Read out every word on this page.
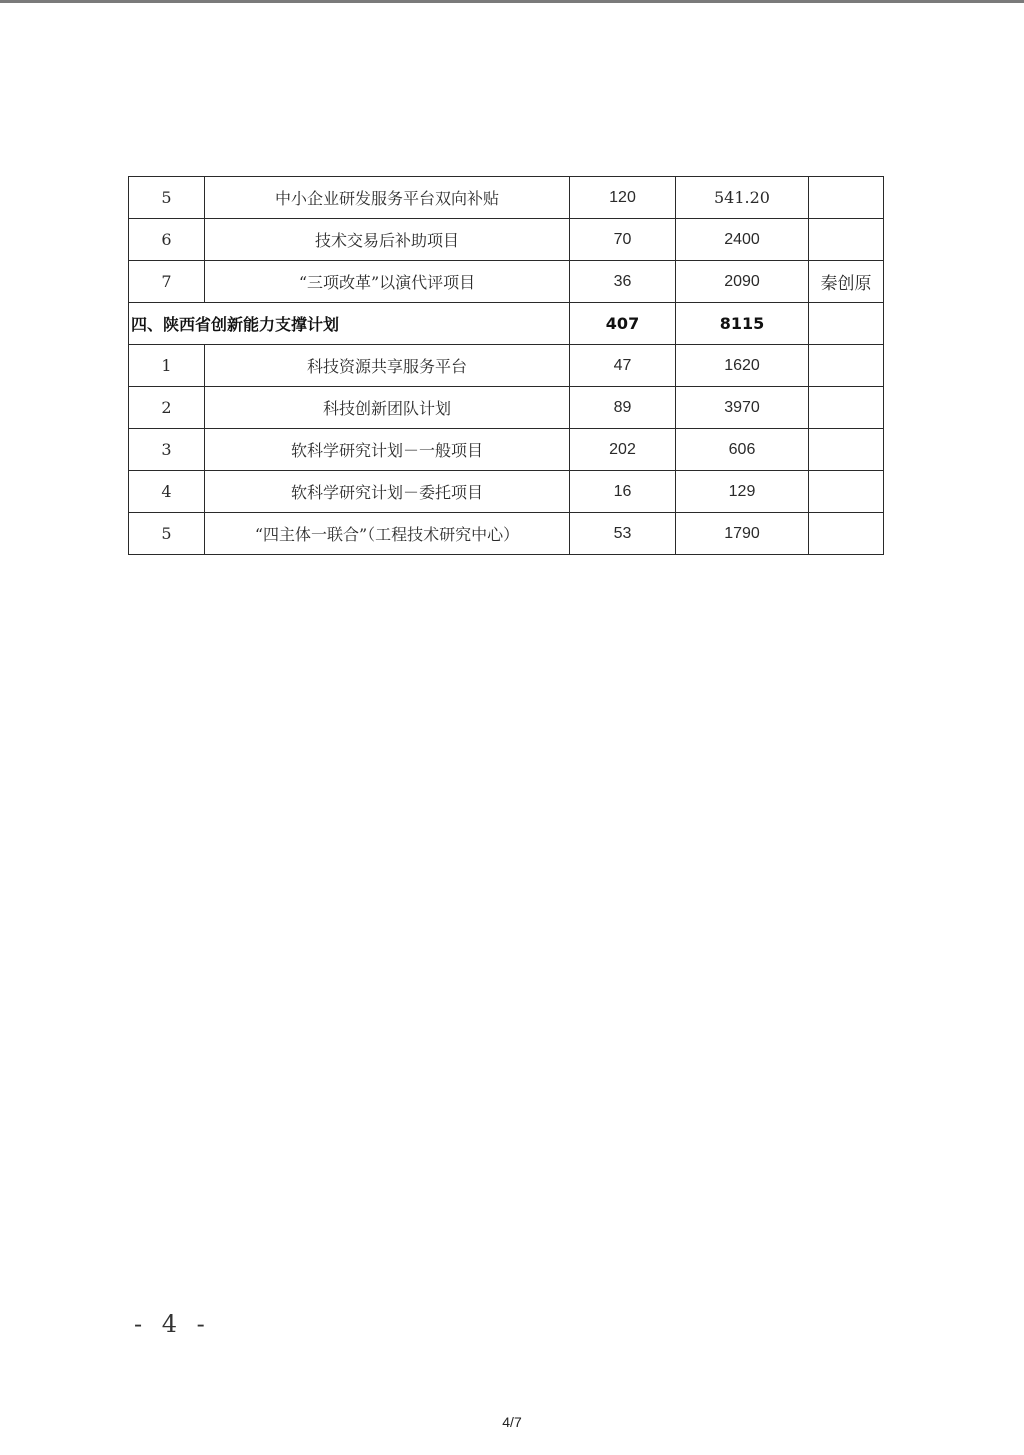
5	中小企业研发服务平台双向补贴	120	541.20	
6	技术交易后补助项目	70	2400	
7	“三项改革”以演代评项目	36	2090	秦创原
四、陕西省创新能力支撑计划		407	8115	
1	科技资源共享服务平台	47	1620	
2	科技创新团队计划	89	3970	
3	软科学研究计划－一般项目	202	606	
4	软科学研究计划－委托项目	16	129	
5	“四主体一联合”（工程技术研究中心）	53	1790	
- 4 -
4/7
